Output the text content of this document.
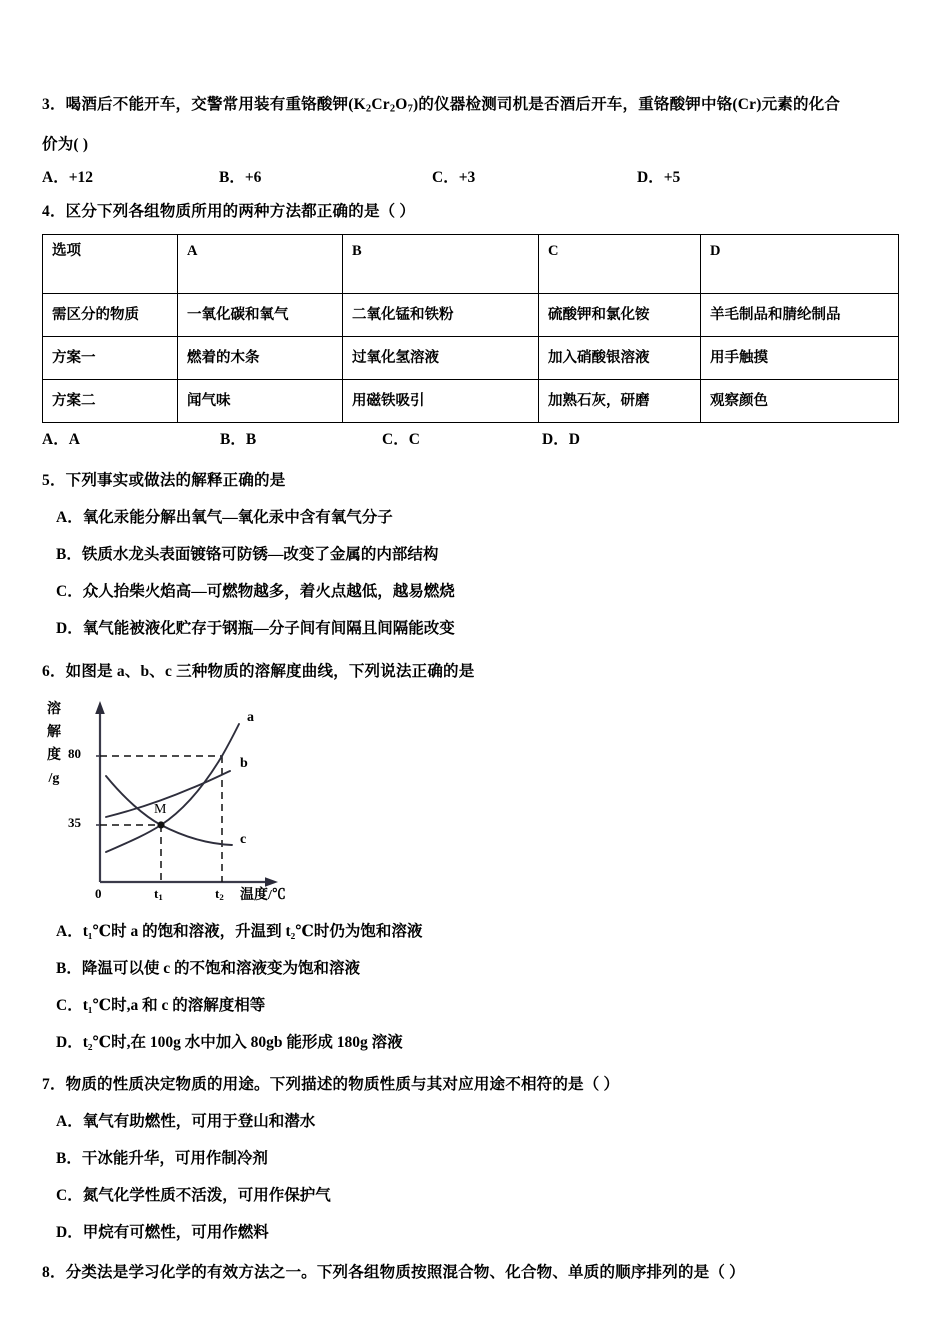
3．喝酒后不能开车，交警常用装有重铬酸钾$(K_2Cr_2O_7)$的仪器检测司机是否酒后开车，重铬酸钾中铬(Cr)元素的化合
价为( )
A．+12	B．+6	C．+3	D．+5
4．区分下列各组物质所用的两种方法都正确的是（ ）
选项	A	B	C	D
需区分的物质	一氧化碳和氧气	二氧化锰和铁粉	硫酸钾和氯化铵	羊毛制品和腈纶制品
方案一	燃着的木条	过氧化氢溶液	加入硝酸银溶液	用手触摸
方案二	闻气味	用磁铁吸引	加熟石灰，研磨	观察颜色
A．A	B．B	C．C	D．D
5．下列事实或做法的解释正确的是
A．氧化汞能分解出氧气—氧化汞中含有氧气分子
B．铁质水龙头表面镀铬可防锈—改变了金属的内部结构
C．众人抬柴火焰高—可燃物越多，着火点越低，越易燃烧
D．氧气能被液化贮存于钢瓶—分子间有间隔且间隔能改变
6．如图是 a、b、c 三种物质的溶解度曲线，下列说法正确的是
80
35
溶
解
度
/g
M
a
b
c
0	$t_1$	$t_2$ 温度/℃
A．t₁℃时 a 的饱和溶液，升温到 t₂℃时仍为饱和溶液
B．降温可以使 c 的不饱和溶液变为饱和溶液
C．t₁℃时,a 和 c 的溶解度相等
D．t₂℃时,在 100g 水中加入 80gb 能形成 180g 溶液
7．物质的性质决定物质的用途。下列描述的物质性质与其对应用途不相符的是（ ）
A．氧气有助燃性，可用于登山和潜水
B．干冰能升华，可用作制冷剂
C．氮气化学性质不活泼，可用作保护气
D．甲烷有可燃性，可用作燃料
8．分类法是学习化学的有效方法之一。下列各组物质按照混合物、化合物、单质的顺序排列的是（ ）
